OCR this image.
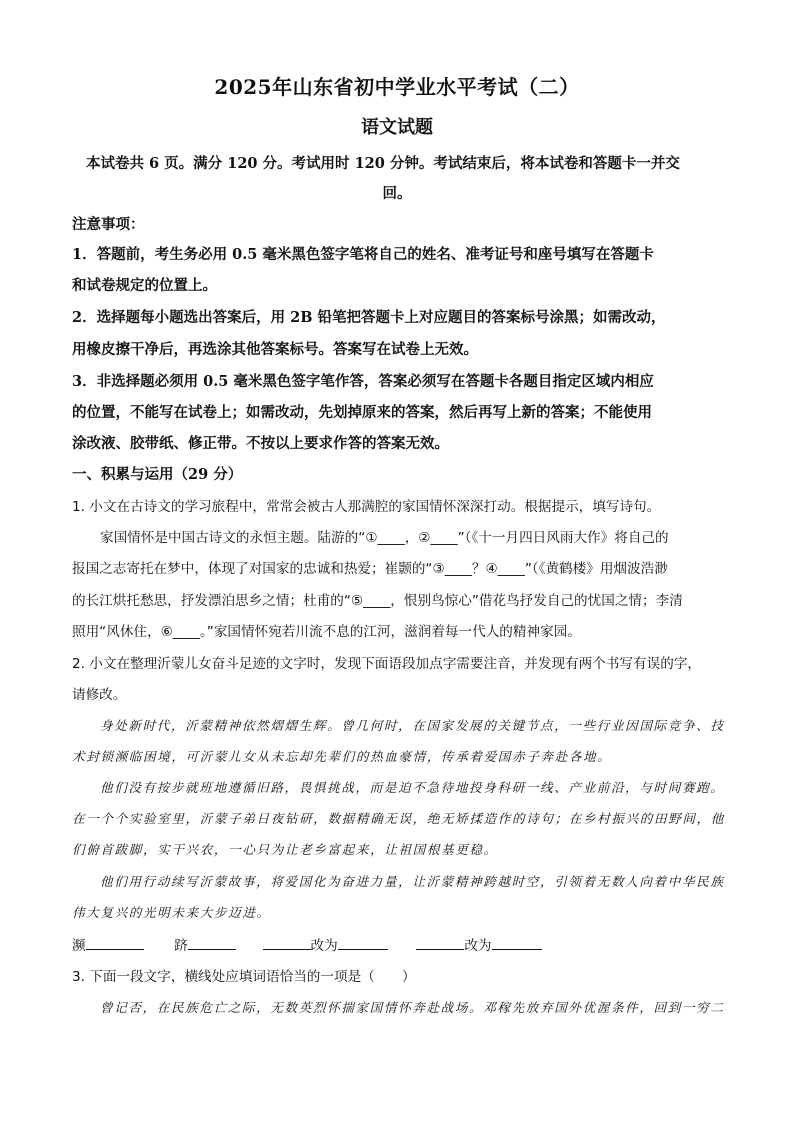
2025年山东省初中学业水平考试（二）
语文试题
本试卷共 6 页。满分 120 分。考试用时 120 分钟。考试结束后，将本试卷和答题卡一并交
回。
注意事项：
1．答题前，考生务必用 0.5 毫米黑色签字笔将自己的姓名、准考证号和座号填写在答题卡
和试卷规定的位置上。
2．选择题每小题选出答案后，用 2B 铅笔把答题卡上对应题目的答案标号涂黑；如需改动，
用橡皮擦干净后，再选涂其他答案标号。答案写在试卷上无效。
3．非选择题必须用 0.5 毫米黑色签字笔作答，答案必须写在答题卡各题目指定区域内相应
的位置，不能写在试卷上；如需改动，先划掉原来的答案，然后再写上新的答案；不能使用
涂改液、胶带纸、修正带。不按以上要求作答的答案无效。
一、积累与运用（29 分）
1. 小文在古诗文的学习旅程中，常常会被古人那满腔的家国情怀深深打动。根据提示，填写诗句。
家国情怀是中国古诗文的永恒主题。陆游的“①____，②____”（《十一月四日风雨大作》将自己的
报国之志寄托在梦中，体现了对国家的忠诚和热爱；崔颢的“③____？④____”（《黄鹤楼》用烟波浩渺
的长江烘托愁思，抒发漂泊思乡之情；杜甫的“⑤____，恨别鸟惊心”借花鸟抒发自己的忧国之情；李清
照用“风休住，⑥____。”家国情怀宛若川流不息的江河，滋润着每一代人的精神家园。
2. 小文在整理沂蒙儿女奋斗足迹的文字时，发现下面语段加点字需要注音，并发现有两个书写有误的字，
请修改。
身处新时代，沂蒙精神依然熠熠生辉。曾几何时，在国家发展的关键节点，一些行业因国际竞争、技
术封锁濒临困境，可沂蒙儿女从未忘却先辈们的热血豪情，传承着爱国赤子奔赴各地。
他们没有按步就班地遵循旧路，畏惧挑战，而是迫不急待地投身科研一线、产业前沿，与时间赛跑。
在一个个实验室里，沂蒙子弟日夜钻研，数据精确无误，绝无矫揉造作的诗句；在乡村振兴的田野间，他
们俯首跋脚，实干兴农，一心只为让老乡富起来，让祖国根基更稳。
他们用行动续写沂蒙故事，将爱国化为奋进力量，让沂蒙精神跨越时空，引领着无数人向着中华民族
伟大复兴的光明未来大步迈进。
濒	跻	改为	改为
3. 下面一段文字，横线处应填词语恰当的一项是（　　）
曾记否，在民族危亡之际，无数英烈怀揣家国情怀奔赴战场。邓稼先放弃国外优渥条件，回到一穷二
